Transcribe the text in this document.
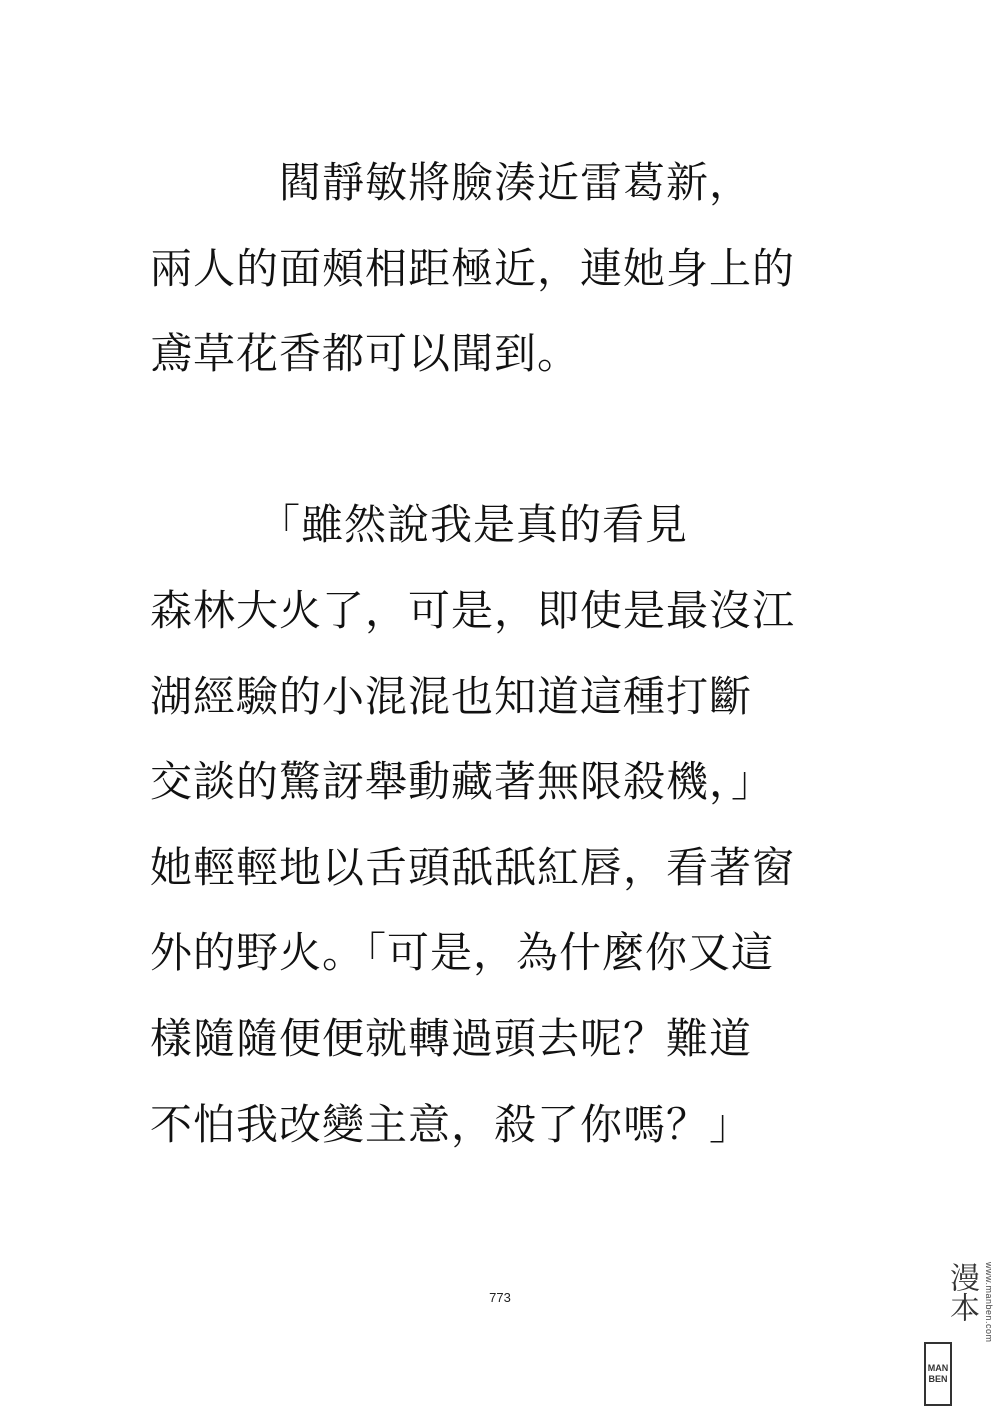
　　　閻靜敏將臉湊近雷葛新，
兩人的面頰相距極近，連她身上的
鳶草花香都可以聞到。
　　　「雖然說我是真的看見
森林大火了，可是，即使是最沒江
湖經驗的小混混也知道這種打斷
交談的驚訝舉動藏著無限殺機，」
她輕輕地以舌頭舐舐紅唇，看著窗
外的野火。「可是，為什麼你又這
樣隨隨便便就轉過頭去呢？難道
不怕我改變主意，殺了你嗎？」
773
MAN
BEN
漫本 www.manben.com
